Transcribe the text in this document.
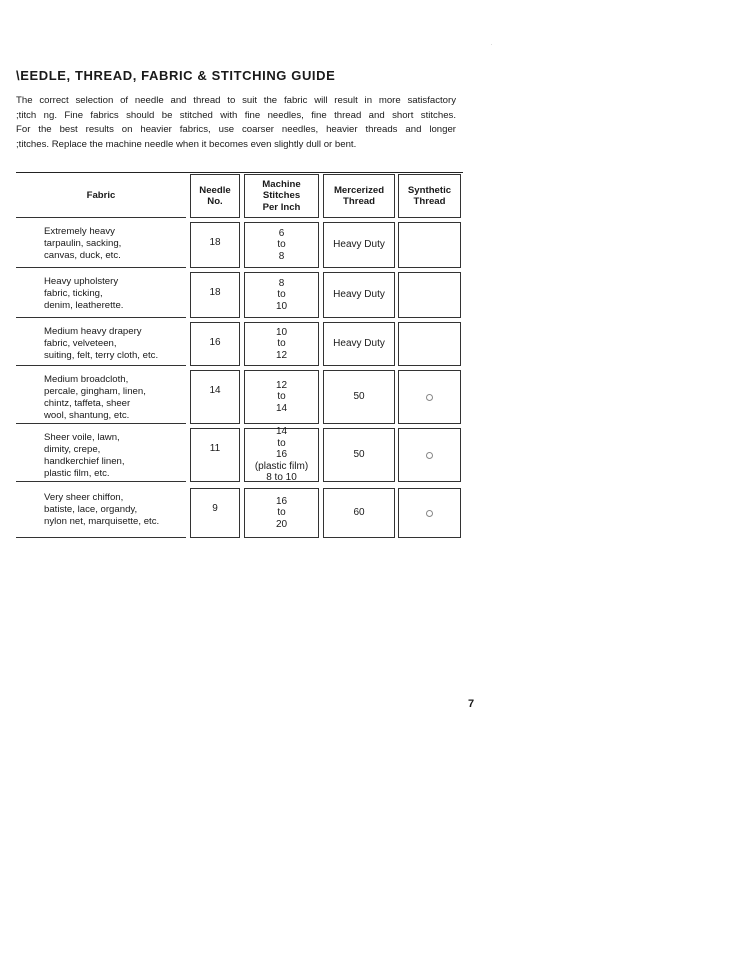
\EEDLE, THREAD, FABRIC & STITCHING GUIDE
The correct selection of needle and thread to suit the fabric will result in more satisfactory
;titch ng. Fine fabrics should be stitched with fine needles, fine thread and short stitches.
For the best results on heavier fabrics, use coarser needles, heavier threads and longer
;titches. Replace the machine needle when it becomes even slightly dull or bent.
Fabric	Needle
No.
Machine
Stitches
Per Inch
Mercerized
Thread
Synthetic
Thread
Extremely heavy
tarpaulin, sacking,
canvas, duck, etc.
18
6
to
8
Heavy Duty
Heavy upholstery
fabric, ticking,
denim, leatherette.
18
8
to
10
Heavy Duty
Medium heavy drapery
fabric, velveteen,
suiting, felt, terry cloth, etc.
16
10
to
12
Heavy Duty
Medium broadcloth,
percale, gingham, linen,
chintz, taffeta, sheer
wool, shantung, etc.
14	12
to
14
50
Sheer voile, lawn,
dimity, crepe,
handkerchief linen,
plastic film, etc.
11
14
to
16
(plastic film)
8 to 10
50
Very sheer chiffon,
batiste, lace, organdy,
nylon net, marquisette, etc.
9
16
to
20
60
7
